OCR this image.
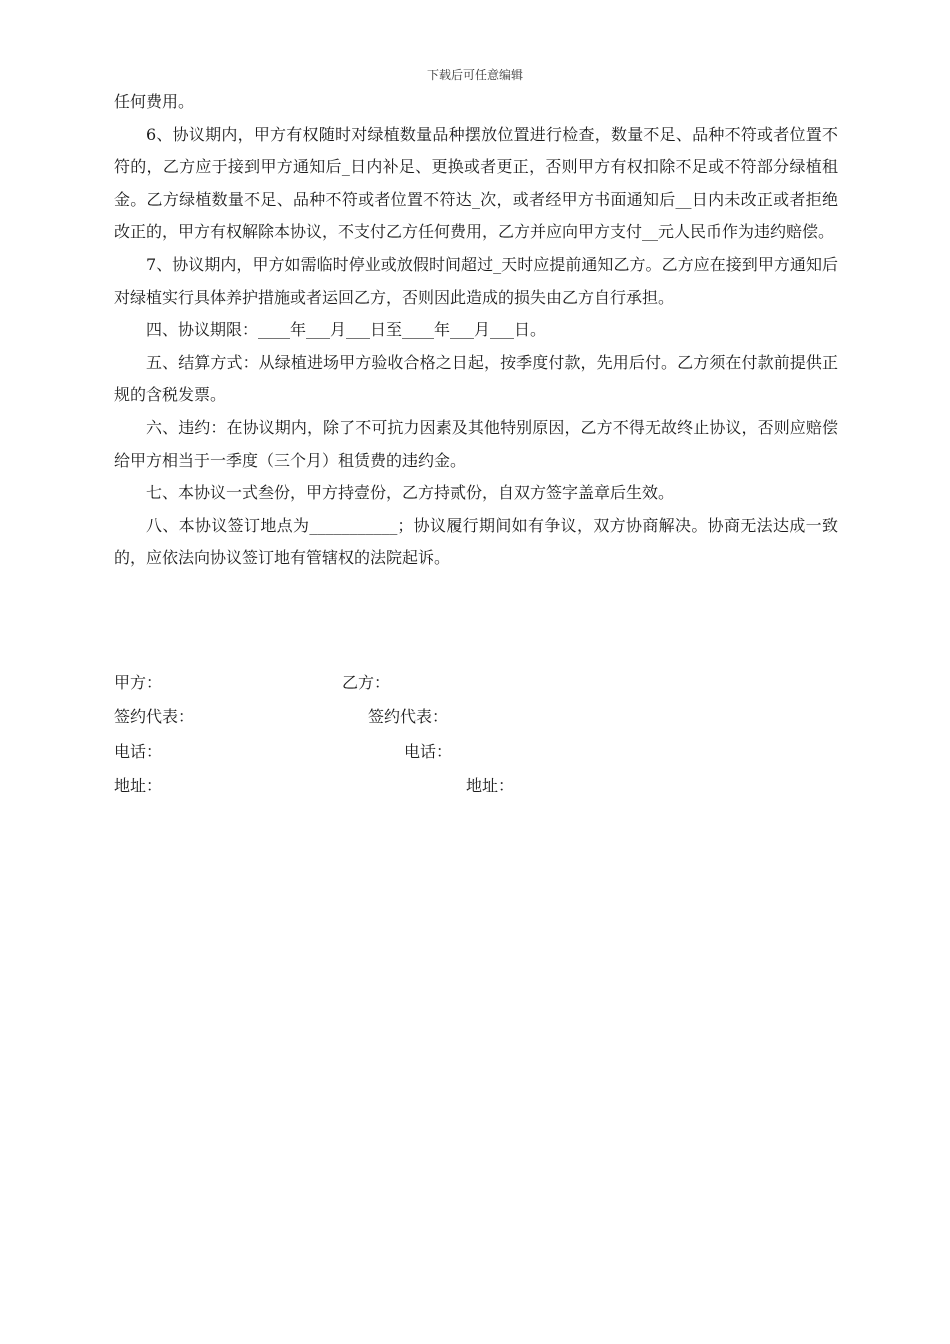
下载后可任意编辑

任何费用。

6、协议期内，甲方有权随时对绿植数量品种摆放位置进行检查，数量不足、品种不符或者位置不符的，乙方应于接到甲方通知后_日内补足、更换或者更正，否则甲方有权扣除不足或不符部分绿植租金。乙方绿植数量不足、品种不符或者位置不符达_次，或者经甲方书面通知后__日内未改正或者拒绝改正的，甲方有权解除本协议，不支付乙方任何费用，乙方并应向甲方支付__元人民币作为违约赔偿。

7、协议期内，甲方如需临时停业或放假时间超过_天时应提前通知乙方。乙方应在接到甲方通知后对绿植实行具体养护措施或者运回乙方，否则因此造成的损失由乙方自行承担。

四、协议期限：____年___月___日至____年___月___日。

五、结算方式：从绿植进场甲方验收合格之日起，按季度付款，先用后付。乙方须在付款前提供正规的含税发票。

六、违约：在协议期内，除了不可抗力因素及其他特别原因，乙方不得无故终止协议，否则应赔偿给甲方相当于一季度（三个月）租赁费的违约金。

七、本协议一式叁份，甲方持壹份，乙方持贰份，自双方签字盖章后生效。

八、本协议签订地点为___________；协议履行期间如有争议，双方协商解决。协商无法达成一致的，应依法向协议签订地有管辖权的法院起诉。

甲方：	乙方：
签约代表：	签约代表：
电话：	电话：
地址：	地址：
